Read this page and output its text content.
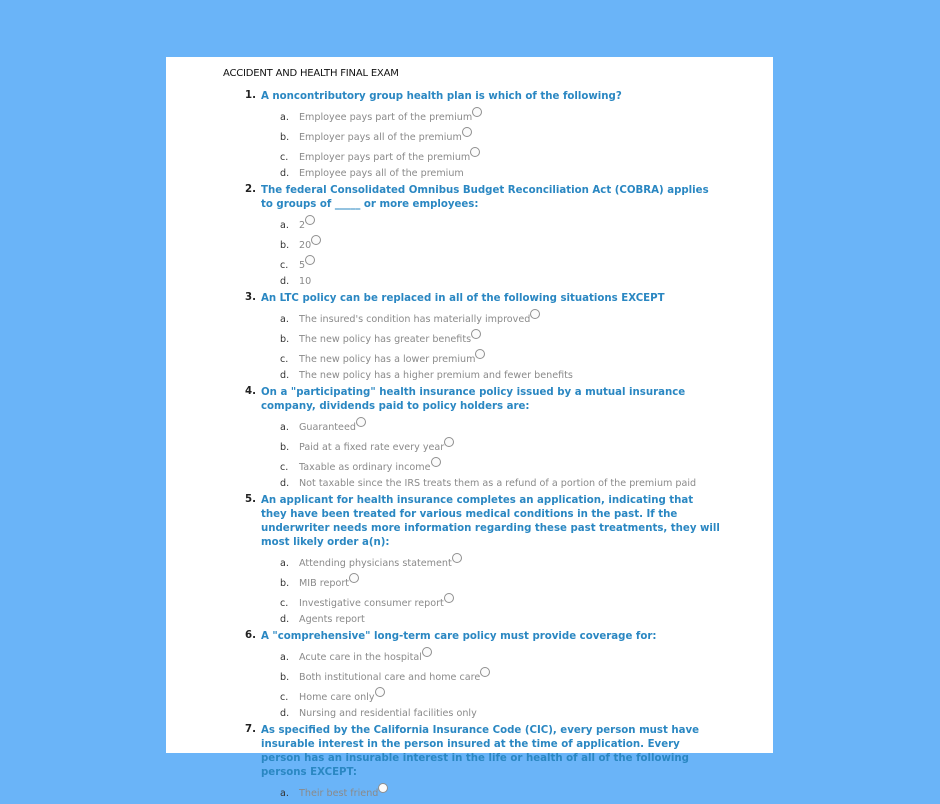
ACCIDENT AND HEALTH FINAL EXAM
1. A noncontributory group health plan is which of the following?
a. Employee pays part of the premium
b. Employer pays all of the premium
c. Employer pays part of the premium
d. Employee pays all of the premium
2. The federal Consolidated Omnibus Budget Reconciliation Act (COBRA) applies to groups of _____ or more employees:
a. 2
b. 20
c. 5
d. 10
3. An LTC policy can be replaced in all of the following situations EXCEPT
a. The insured's condition has materially improved
b. The new policy has greater benefits
c. The new policy has a lower premium
d. The new policy has a higher premium and fewer benefits
4. On a "participating" health insurance policy issued by a mutual insurance company, dividends paid to policy holders are:
a. Guaranteed
b. Paid at a fixed rate every year
c. Taxable as ordinary income
d. Not taxable since the IRS treats them as a refund of a portion of the premium paid
5. An applicant for health insurance completes an application, indicating that they have been treated for various medical conditions in the past. If the underwriter needs more information regarding these past treatments, they will most likely order a(n):
a. Attending physicians statement
b. MIB report
c. Investigative consumer report
d. Agents report
6. A "comprehensive" long-term care policy must provide coverage for:
a. Acute care in the hospital
b. Both institutional care and home care
c. Home care only
d. Nursing and residential facilities only
7. As specified by the California Insurance Code (CIC), every person must have insurable interest in the person insured at the time of application. Every person has an insurable interest in the life or health of all of the following persons EXCEPT:
a. Their best friend
